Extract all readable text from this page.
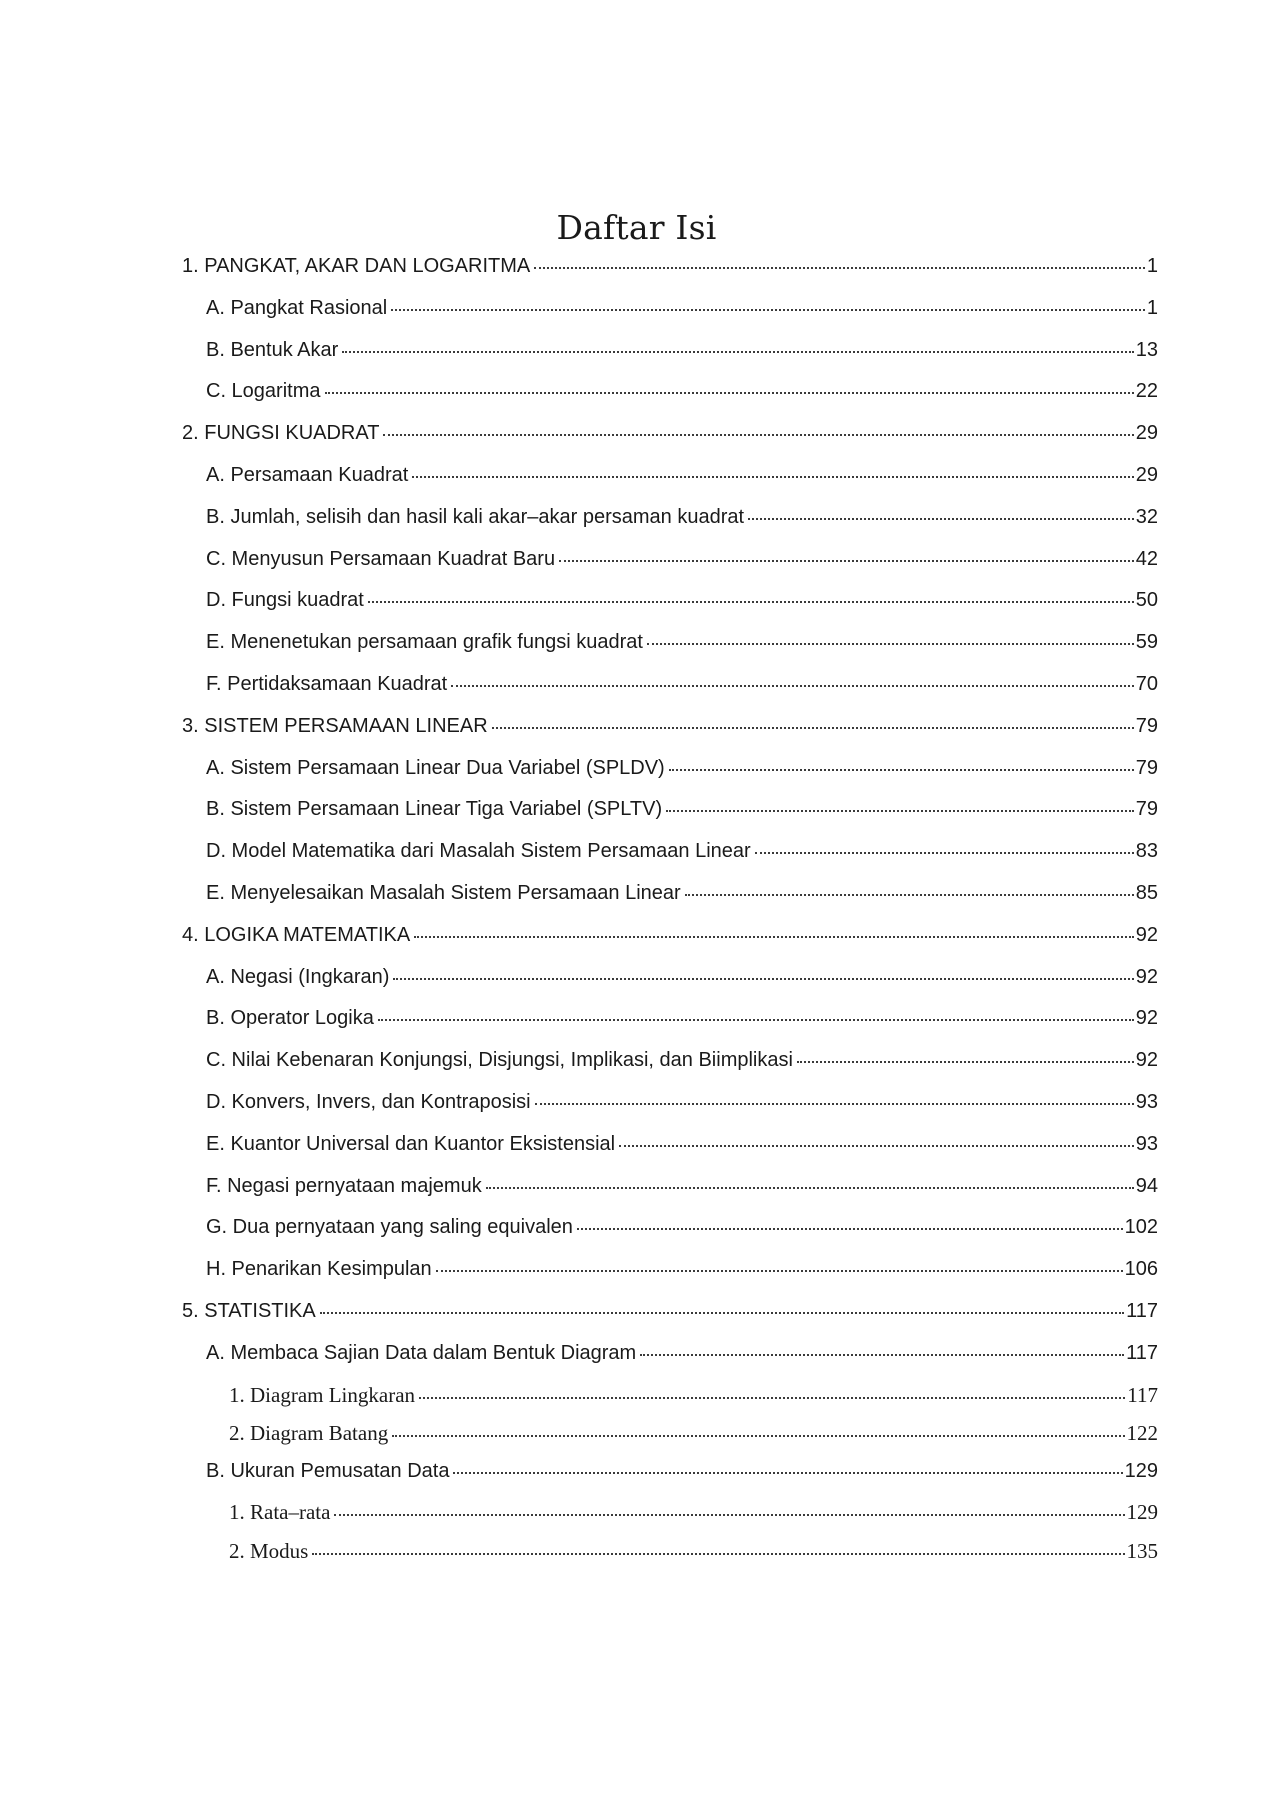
Daftar Isi
1. PANGKAT, AKAR DAN LOGARITMA	1
A. Pangkat Rasional	1
B. Bentuk Akar	13
C. Logaritma	22
2. FUNGSI KUADRAT	29
A. Persamaan Kuadrat	29
B. Jumlah, selisih dan hasil kali akar–akar persaman kuadrat	32
C. Menyusun Persamaan Kuadrat Baru	42
D. Fungsi kuadrat	50
E. Menenetukan persamaan grafik fungsi kuadrat	59
F. Pertidaksamaan Kuadrat	70
3. SISTEM PERSAMAAN LINEAR	79
A. Sistem Persamaan Linear Dua Variabel (SPLDV)	79
B. Sistem Persamaan Linear Tiga Variabel (SPLTV)	79
D. Model Matematika dari Masalah Sistem Persamaan Linear	83
E. Menyelesaikan Masalah Sistem Persamaan Linear	85
4. LOGIKA MATEMATIKA	92
A. Negasi (Ingkaran)	92
B. Operator Logika	92
C. Nilai Kebenaran Konjungsi, Disjungsi, Implikasi, dan Biimplikasi	92
D. Konvers, Invers, dan Kontraposisi	93
E. Kuantor Universal dan Kuantor Eksistensial	93
F. Negasi pernyataan majemuk	94
G. Dua pernyataan yang saling equivalen	102
H. Penarikan Kesimpulan	106
5. STATISTIKA	117
A. Membaca Sajian Data dalam Bentuk Diagram	117
1. Diagram Lingkaran	117
2. Diagram Batang	122
B. Ukuran Pemusatan Data	129
1. Rata–rata	129
2. Modus	135
